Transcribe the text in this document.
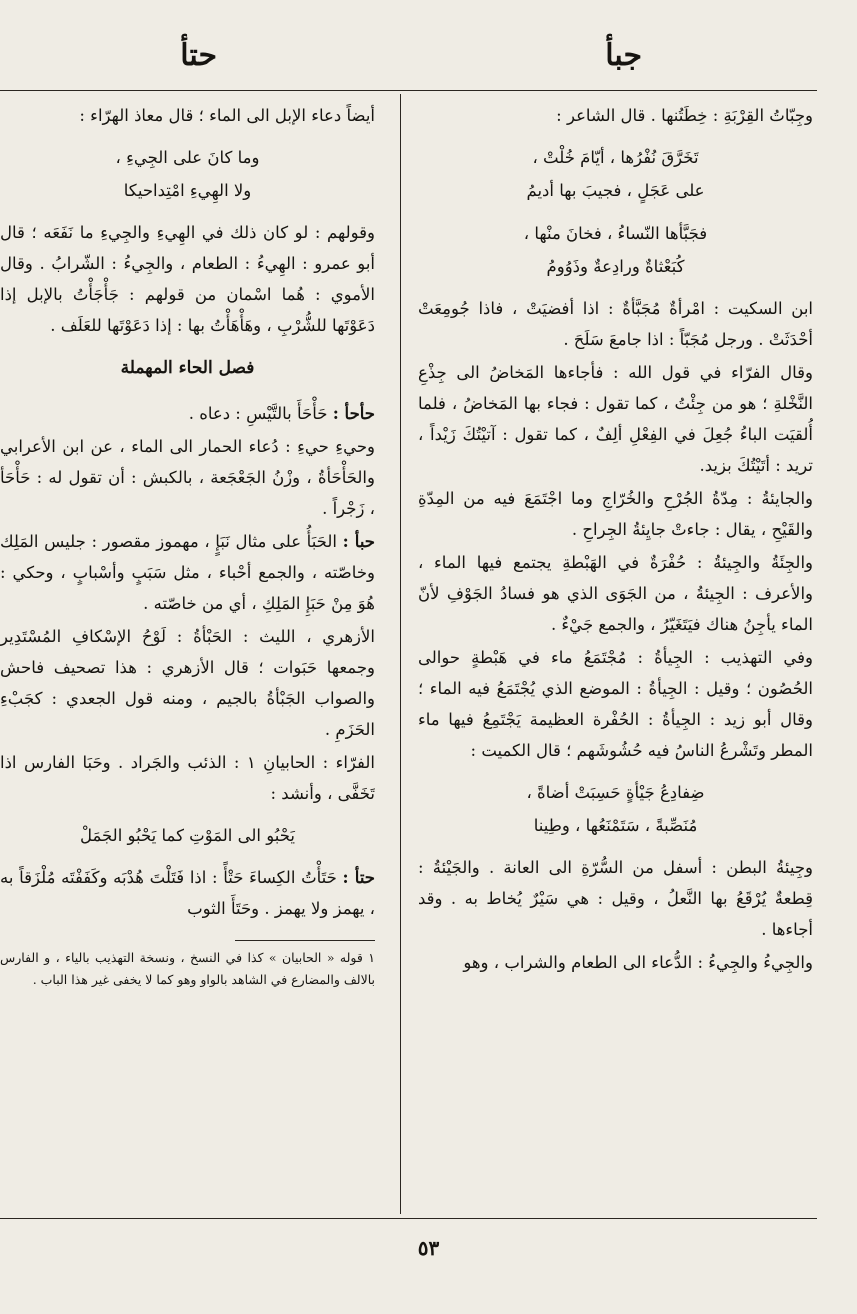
جبأ
حتأ
وجِبّاتُ القِرْبَةِ : خِطَتُنها . قال الشاعر :
تَخَرَّقَ نُفْرُها ، أيّامَ خُلْتْ ،
على عَجَلٍ ، فجيبَ بها أديمُ
فجَبَّأها النّساءُ ، فخانَ منْها ،
كُبَعْثاةٌ ورادِعةٌ وذَوُومُ
ابن السكيت : امْرأةٌ مُجَبَّأةٌ : اذا أفضيَتْ ، فاذا جُومِعَتْ أحْدَثَتْ . ورجل مُجَبّاً : اذا جامعَ سَلَحَ .
وقال الفرّاء في قول الله : فأجاءها المَخاضُ الى جِذْعِ النَّخْلةِ ؛ هو من جِئْتُ ، كما تقول : فجاء بها المَخاضُ ، فلما أُلقيَت الباءُ جُعِلَ في الفِعْلِ ألِفٌ ، كما تقول : آتيْتُكَ زَيْداً ، تريد : أتَيْتُكَ بزيد.
والجايئةُ : مِدّةُ الجُرْحِ والخُرّاجِ وما اجْتَمَعَ فيه من المِدّةِ والقَيْحِ ، يقال : جاءتْ جايِئةُ الجِراحِ .
والجِئَةُ والجِيئةُ : حُفْرَةٌ في الهَبْطةِ يجتمع فيها الماء ، والأعرف : الجِيئةُ ، من الجَوَى الذي هو فسادُ الجَوْفِ لأنّ الماء يأجِنُ هناك فيَتَغَيّرُ ، والجمع جَيْءٌ .
وفي التهذيب : الجِيأةُ : مُجْتَمَعُ ماء في هَبْطةٍ حوالى الحُصُون ؛ وقيل : الجِيأةُ : الموضع الذي يُجْتَمَعُ فيه الماء ؛ وقال أبو زيد : الجِيأةُ : الحُفْرة العظيمة يَجْتَمِعُ فيها ماء المطر وتَشْرعُ الناسُ فيه حُشُوشَهم ؛ قال الكميت :
ضِفادِعُ جَيْأةٍ حَسِبَتْ أضاةً ،
مُنَصِّبةً ، سَتَمْنَعُها ، وطِينا
وجِيئةُ البطن : أسفل من السُّرّةِ الى العانة . والجَيْئةُ : قِطعةٌ يُرْقَعُ بها النَّعلُ ، وقيل : هي سَيْرٌ يُخاط به . وقد أجاءها .
والجِيءُ والجِيءُ : الدُّعاء الى الطعام والشراب ، وهو
أيضاً دعاء الإبل الى الماء ؛ قال معاذ الهرّاء :
وما كانَ على الجِيءِ ،
ولا الهِيءِ امْتِداحيكا
وقولهم : لو كان ذلك في الهِيءِ والجِيءِ ما نَفَعَه ؛ قال أبو عمرو : الهِيءُ : الطعام ، والجِيءُ : الشّرابُ . وقال الأموي : هُما اسْمان من قولهم : جَأْجَأْتُ بالإبل إذا دَعَوْتَها للشُّرْبِ ، وهَأْهَأْتُ بها : إذا دَعَوْتَها للعَلَف .
فصل الحاء المهملة
حأحأ : حَأْحَأَ بالتَّيْسِ : دعاه .
وحيءِ حيءِ : دُعاء الحمار الى الماء ، عن ابن الأعرابي والحَأْحَأةُ ، وزْنُ الجَعْجَعة ، بالكبش : أن تقول له : حَأْحَأ ، زَجْراً .
حبأ : الحَبَأُ على مثال نَبَإٍ ، مهموز مقصور : جليس المَلِك وخاصّته ، والجمع أحْباء ، مثل سَبَبٍ وأسْبابٍ ، وحكي : هُوَ مِنْ حَبَإِ المَلِكِ ، أي من خاصّته .
الأزهري ، الليث : الحَبْأةُ : لَوْحُ الإسْكافِ المُسْتَدِير وجمعها حَبَوات ؛ قال الأزهري : هذا تصحيف فاحش والصواب الجَبْأةُ بالجيم ، ومنه قول الجعدي : كجَبْءِ الحَزَمِ .
الفرّاء : الحابيانِ ١ : الذئب والجَراد . وحَبَا الفارس اذا تَخَفَّى ، وأنشد :
يَحْبُو الى المَوْتِ كما يَحْبُو الجَمَلْ
حتأ : حَتَأْتُ الكِساءَ حَتْأً : اذا فَتَلْتَ هُدْبَه وكَفَفْتَه مُلْزَقاً به ، يهمز ولا يهمز . وحَتَأَ الثوب
١ قوله « الحابيان » كذا في النسخ ، ونسخة التهذيب بالياء ، و الفارس بالالف والمضارع في الشاهد بالواو وهو كما لا يخفى غير هذا الباب .
٥٣
